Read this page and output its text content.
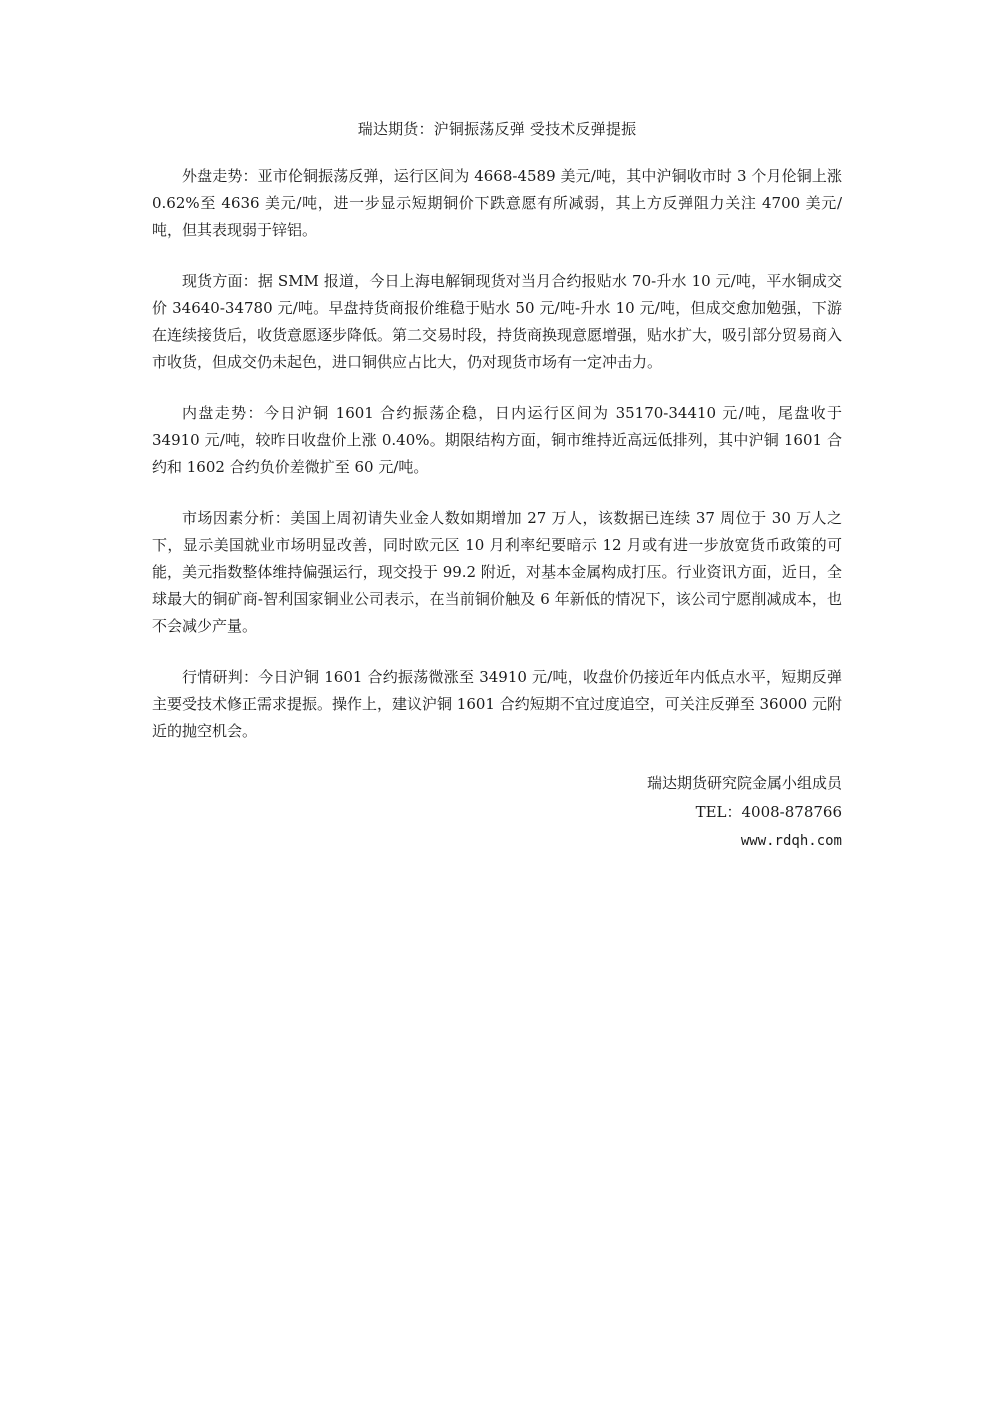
瑞达期货：沪铜振荡反弹 受技术反弹提振

外盘走势：亚市伦铜振荡反弹，运行区间为 4668-4589 美元/吨，其中沪铜收市时 3 个月伦铜上涨 0.62%至 4636 美元/吨，进一步显示短期铜价下跌意愿有所减弱，其上方反弹阻力关注 4700 美元/吨，但其表现弱于锌铝。

现货方面：据 SMM 报道，今日上海电解铜现货对当月合约报贴水 70-升水 10 元/吨，平水铜成交价 34640-34780 元/吨。早盘持货商报价维稳于贴水 50 元/吨-升水 10 元/吨，但成交愈加勉强，下游在连续接货后，收货意愿逐步降低。第二交易时段，持货商换现意愿增强，贴水扩大，吸引部分贸易商入市收货，但成交仍未起色，进口铜供应占比大，仍对现货市场有一定冲击力。

内盘走势：今日沪铜 1601 合约振荡企稳，日内运行区间为 35170-34410 元/吨，尾盘收于 34910 元/吨，较昨日收盘价上涨 0.40%。期限结构方面，铜市维持近高远低排列，其中沪铜 1601 合约和 1602 合约负价差微扩至 60 元/吨。

市场因素分析：美国上周初请失业金人数如期增加 27 万人，该数据已连续 37 周位于 30 万人之下，显示美国就业市场明显改善，同时欧元区 10 月利率纪要暗示 12 月或有进一步放宽货币政策的可能，美元指数整体维持偏强运行，现交投于 99.2 附近，对基本金属构成打压。行业资讯方面，近日，全球最大的铜矿商-智利国家铜业公司表示，在当前铜价触及 6 年新低的情况下，该公司宁愿削减成本，也不会减少产量。

行情研判：今日沪铜 1601 合约振荡微涨至 34910 元/吨，收盘价仍接近年内低点水平，短期反弹主要受技术修正需求提振。操作上，建议沪铜 1601 合约短期不宜过度追空，可关注反弹至 36000 元附近的抛空机会。

瑞达期货研究院金属小组成员
TEL：4008-878766
www.rdqh.com
